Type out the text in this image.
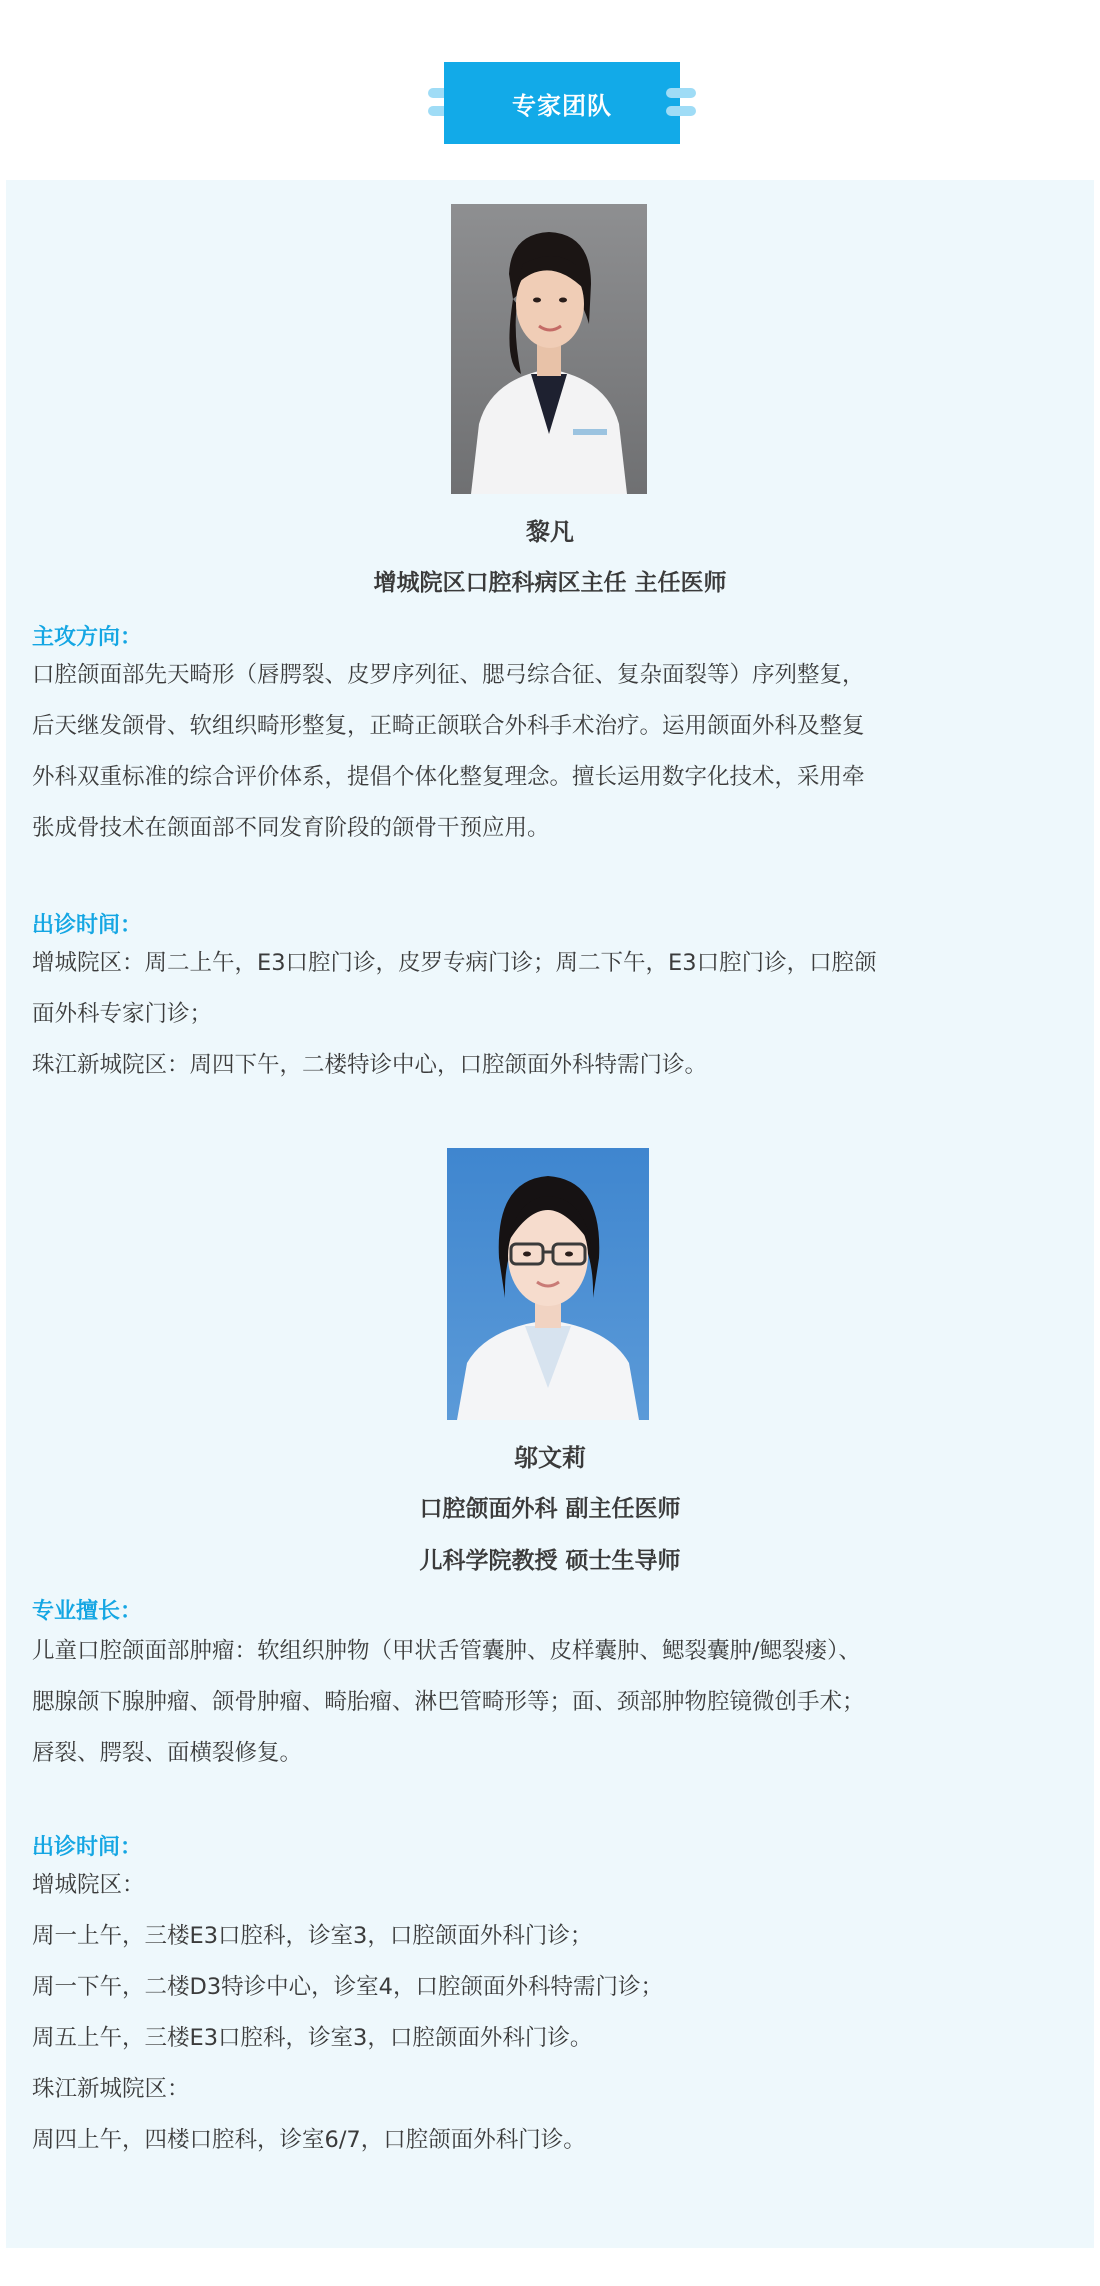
专家团队
黎凡
增城院区口腔科病区主任 主任医师
主攻方向：
口腔颌面部先天畸形（唇腭裂、皮罗序列征、腮弓综合征、复杂面裂等）序列整复，
后天继发颌骨、软组织畸形整复，正畸正颌联合外科手术治疗。运用颌面外科及整复
外科双重标准的综合评价体系，提倡个体化整复理念。擅长运用数字化技术，采用牵
张成骨技术在颌面部不同发育阶段的颌骨干预应用。
出诊时间：
增城院区：周二上午，E3口腔门诊，皮罗专病门诊；周二下午，E3口腔门诊，口腔颌
面外科专家门诊；
珠江新城院区：周四下午，二楼特诊中心，口腔颌面外科特需门诊。
邬文莉
口腔颌面外科 副主任医师
儿科学院教授 硕士生导师
专业擅长：
儿童口腔颌面部肿瘤：软组织肿物（甲状舌管囊肿、皮样囊肿、鳃裂囊肿/鳃裂瘘）、
腮腺颌下腺肿瘤、颌骨肿瘤、畸胎瘤、淋巴管畸形等；面、颈部肿物腔镜微创手术；
唇裂、腭裂、面横裂修复。
出诊时间：
增城院区：
周一上午，三楼E3口腔科，诊室3，口腔颌面外科门诊；
周一下午，二楼D3特诊中心，诊室4，口腔颌面外科特需门诊；
周五上午，三楼E3口腔科，诊室3，口腔颌面外科门诊。
珠江新城院区：
周四上午，四楼口腔科，诊室6/7，口腔颌面外科门诊。
